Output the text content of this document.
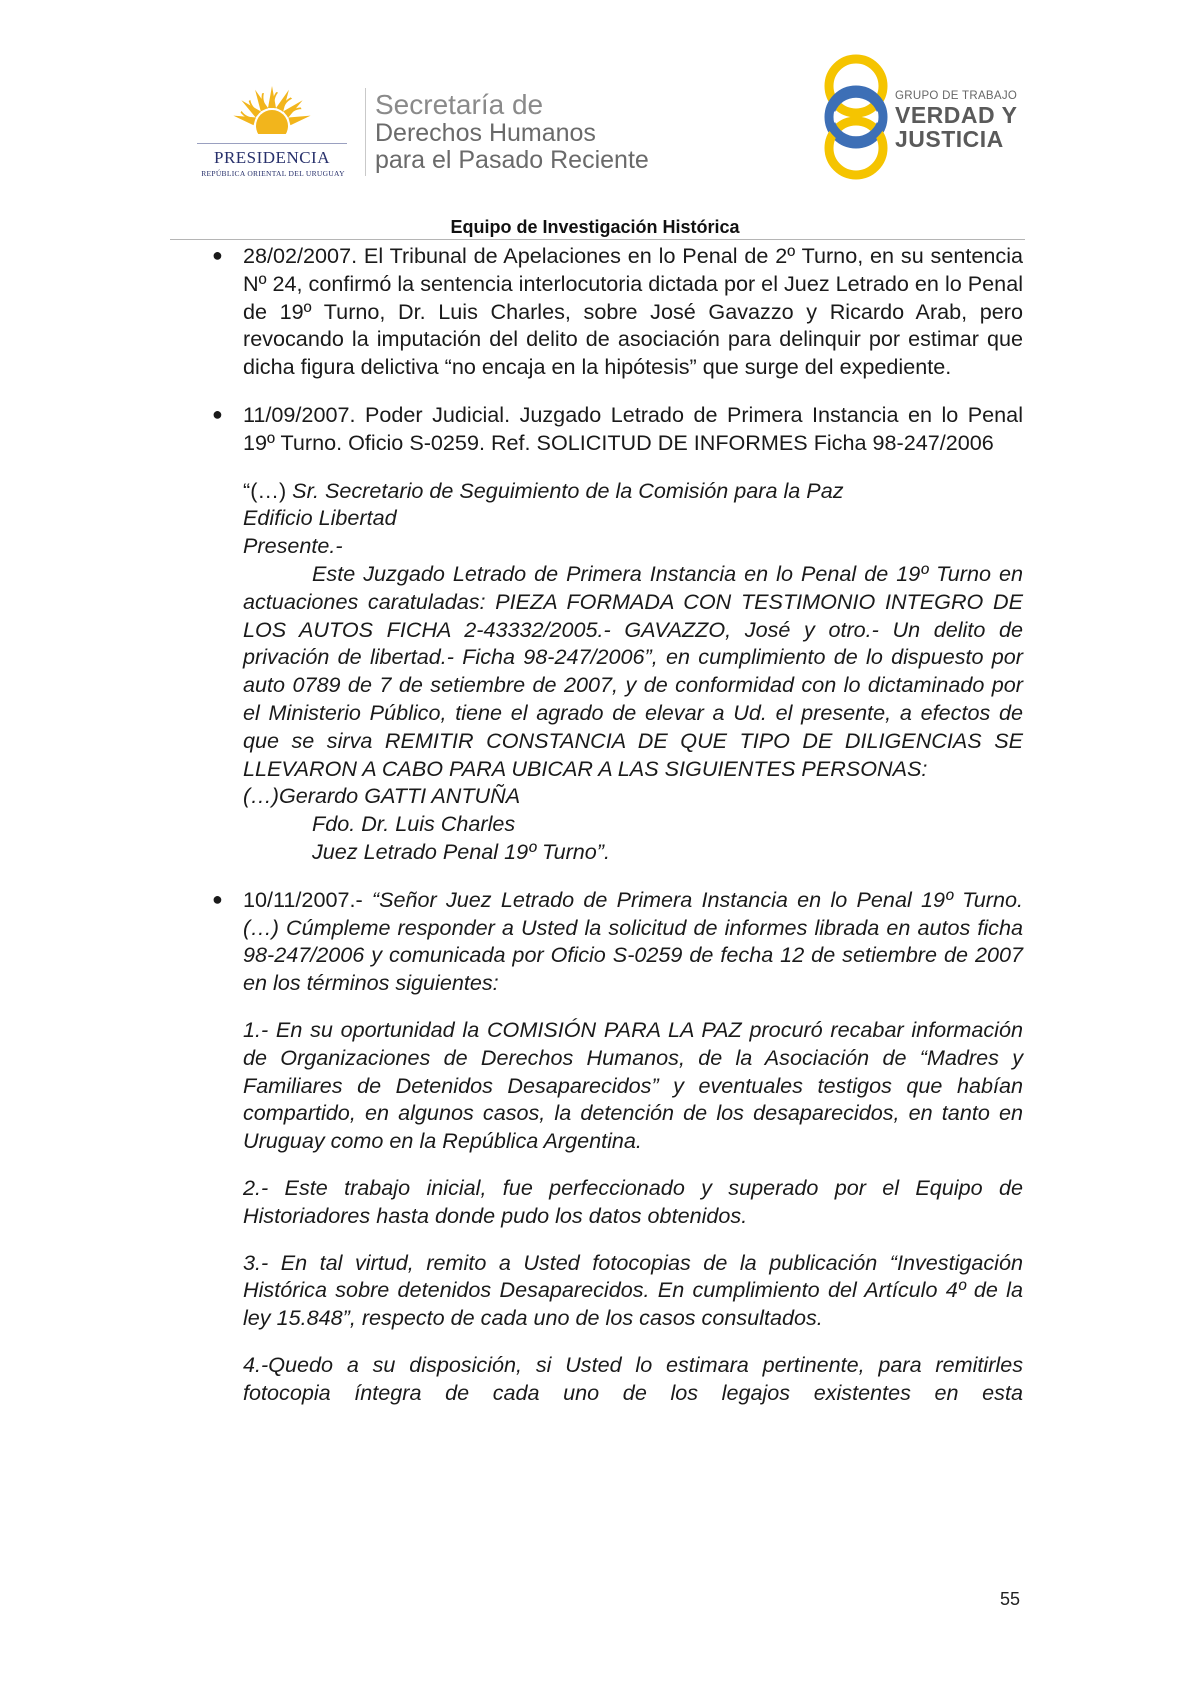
PRESIDENCIA
REPÚBLICA ORIENTAL DEL URUGUAY
Secretaría de
Derechos Humanos
para el Pasado Reciente
GRUPO DE TRABAJO
VERDAD Y
JUSTICIA
Equipo de Investigación Histórica
● 28/02/2007. El Tribunal de Apelaciones en lo Penal de 2º Turno, en su sentencia Nº 24, confirmó la sentencia interlocutoria dictada por el Juez Letrado en lo Penal de 19º Turno, Dr. Luis Charles, sobre José Gavazzo y Ricardo Arab, pero revocando la imputación del delito de asociación para delinquir por estimar que dicha figura delictiva “no encaja en la hipótesis” que surge del expediente.

● 11/09/2007. Poder Judicial. Juzgado Letrado de Primera Instancia en lo Penal 19º Turno. Oficio S-0259. Ref. SOLICITUD DE INFORMES Ficha 98-247/2006

“(…) Sr. Secretario de Seguimiento de la Comisión para la Paz

Edificio Libertad

Presente.-

Este Juzgado Letrado de Primera Instancia en lo Penal de 19º Turno en actuaciones caratuladas: PIEZA FORMADA CON TESTIMONIO INTEGRO DE LOS AUTOS FICHA 2-43332/2005.- GAVAZZO, José y otro.- Un delito de privación de libertad.- Ficha 98-247/2006”, en cumplimiento de lo dispuesto por auto 0789 de 7 de setiembre de 2007, y de conformidad con lo dictaminado por el Ministerio Público, tiene el agrado de elevar a Ud. el presente, a efectos de que se sirva REMITIR CONSTANCIA DE QUE TIPO DE DILIGENCIAS SE LLEVARON A CABO PARA UBICAR A LAS SIGUIENTES PERSONAS:

(…)Gerardo GATTI ANTUÑA

Fdo. Dr. Luis Charles

Juez Letrado Penal 19º Turno”.

● 10/11/2007.- “Señor Juez Letrado de Primera Instancia en lo Penal 19º Turno. (…) Cúmpleme responder a Usted la solicitud de informes librada en autos ficha 98-247/2006 y comunicada por Oficio S-0259 de fecha 12 de setiembre de 2007 en los términos siguientes:

1.- En su oportunidad la COMISIÓN PARA LA PAZ procuró recabar información de Organizaciones de Derechos Humanos, de la Asociación de “Madres y Familiares de Detenidos Desaparecidos” y eventuales testigos que habían compartido, en algunos casos, la detención de los desaparecidos, en tanto en Uruguay como en la República Argentina.

2.- Este trabajo inicial, fue perfeccionado y superado por el Equipo de Historiadores hasta donde pudo los datos obtenidos.

3.- En tal virtud, remito a Usted fotocopias de la publicación “Investigación Histórica sobre detenidos Desaparecidos. En cumplimiento del Artículo 4º de la ley 15.848”, respecto de cada uno de los casos consultados.

4.-Quedo a su disposición, si Usted lo estimara pertinente, para remitirles fotocopia íntegra de cada uno de los legajos existentes en esta

55
